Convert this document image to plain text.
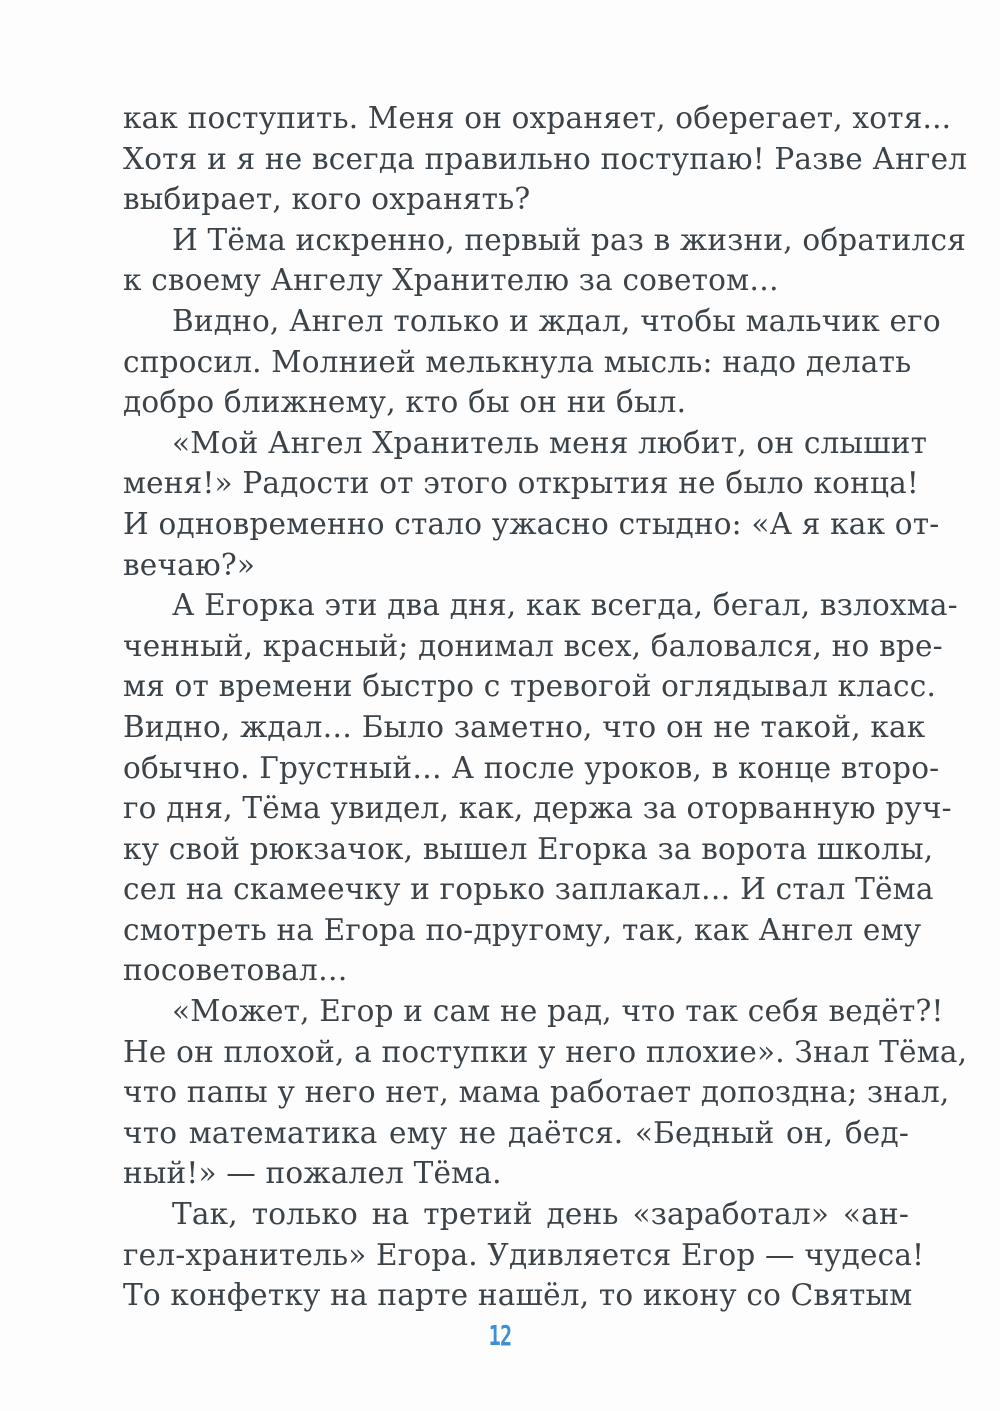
как поступить. Меня он охраняет, оберегает, хотя...
Хотя и я не всегда правильно поступаю! Разве Ангел
выбирает, кого охранять?
И Тёма искренно, первый раз в жизни, обратился
к своему Ангелу Хранителю за советом…
Видно, Ангел только и ждал, чтобы мальчик его
спросил. Молнией мелькнула мысль: надо делать
добро ближнему, кто бы он ни был.
«Мой Ангел Хранитель меня любит, он слышит
меня!» Радости от этого открытия не было конца!
И одновременно стало ужасно стыдно: «А я как от-
вечаю?»
А Егорка эти два дня, как всегда, бегал, взлохма-
ченный, красный; донимал всех, баловался, но вре-
мя от времени быстро с тревогой оглядывал класс.
Видно, ждал… Было заметно, что он не такой, как
обычно. Грустный… А после уроков, в конце второ-
го дня, Тёма увидел, как, держа за оторванную руч-
ку свой рюкзачок, вышел Егорка за ворота школы,
сел на скамеечку и горько заплакал… И стал Тёма
смотреть на Егора по-другому, так, как Ангел ему
посоветовал…
«Может, Егор и сам не рад, что так себя ведёт?!
Не он плохой, а поступки у него плохие». Знал Тёма,
что папы у него нет, мама работает допоздна; знал,
что математика ему не даётся. «Бедный он, бед-
ный!» — пожалел Тёма.
Так, только на третий день «заработал» «ан-
гел-хранитель» Егора. Удивляется Егор — чудеса!
То конфетку на парте нашёл, то икону со Святым
12
